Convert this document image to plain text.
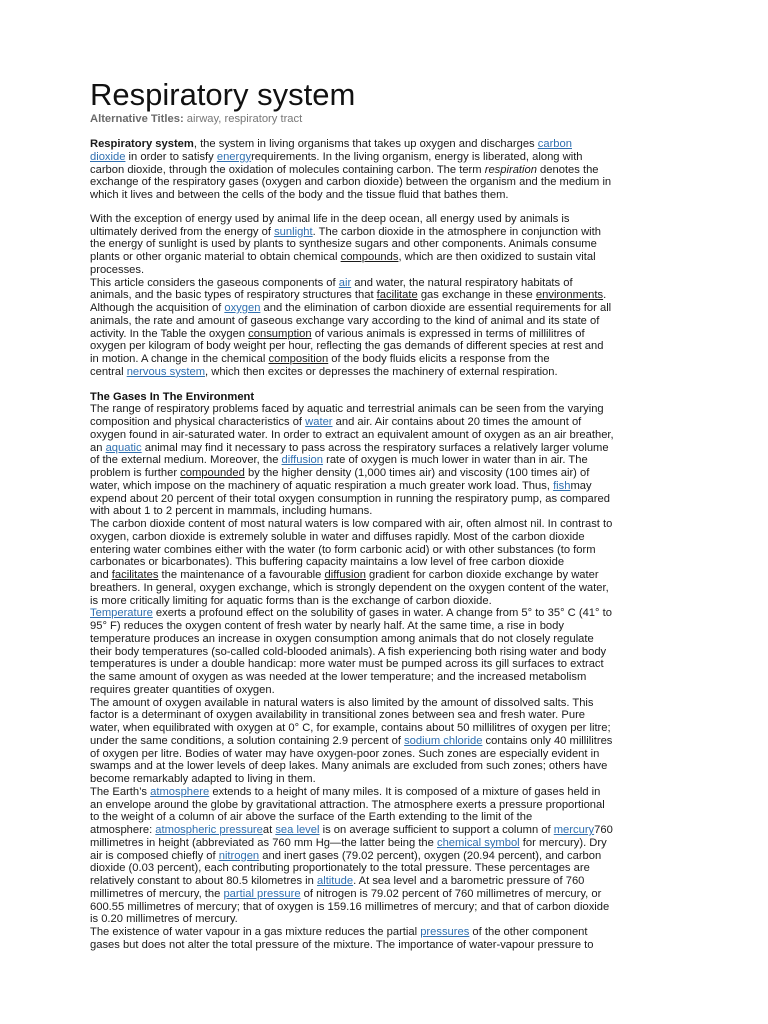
Respiratory system
Alternative Titles: airway, respiratory tract
Respiratory system, the system in living organisms that takes up oxygen and discharges carbon
dioxide in order to satisfy energyrequirements. In the living organism, energy is liberated, along with
carbon dioxide, through the oxidation of molecules containing carbon. The term respiration denotes the
exchange of the respiratory gases (oxygen and carbon dioxide) between the organism and the medium in
which it lives and between the cells of the body and the tissue fluid that bathes them.
With the exception of energy used by animal life in the deep ocean, all energy used by animals is
ultimately derived from the energy of sunlight. The carbon dioxide in the atmosphere in conjunction with
the energy of sunlight is used by plants to synthesize sugars and other components. Animals consume
plants or other organic material to obtain chemical compounds, which are then oxidized to sustain vital
processes.
This article considers the gaseous components of air and water, the natural respiratory habitats of
animals, and the basic types of respiratory structures that facilitate gas exchange in these environments.
Although the acquisition of oxygen and the elimination of carbon dioxide are essential requirements for all
animals, the rate and amount of gaseous exchange vary according to the kind of animal and its state of
activity. In the Table the oxygen consumption of various animals is expressed in terms of millilitres of
oxygen per kilogram of body weight per hour, reflecting the gas demands of different species at rest and
in motion. A change in the chemical composition of the body fluids elicits a response from the
central nervous system, which then excites or depresses the machinery of external respiration.
The Gases In The Environment
The range of respiratory problems faced by aquatic and terrestrial animals can be seen from the varying
composition and physical characteristics of water and air. Air contains about 20 times the amount of
oxygen found in air-saturated water. In order to extract an equivalent amount of oxygen as an air breather,
an aquatic animal may find it necessary to pass across the respiratory surfaces a relatively larger volume
of the external medium. Moreover, the diffusion rate of oxygen is much lower in water than in air. The
problem is further compounded by the higher density (1,000 times air) and viscosity (100 times air) of
water, which impose on the machinery of aquatic respiration a much greater work load. Thus, fishmay
expend about 20 percent of their total oxygen consumption in running the respiratory pump, as compared
with about 1 to 2 percent in mammals, including humans.
The carbon dioxide content of most natural waters is low compared with air, often almost nil. In contrast to
oxygen, carbon dioxide is extremely soluble in water and diffuses rapidly. Most of the carbon dioxide
entering water combines either with the water (to form carbonic acid) or with other substances (to form
carbonates or bicarbonates). This buffering capacity maintains a low level of free carbon dioxide
and facilitates the maintenance of a favourable diffusion gradient for carbon dioxide exchange by water
breathers. In general, oxygen exchange, which is strongly dependent on the oxygen content of the water,
is more critically limiting for aquatic forms than is the exchange of carbon dioxide.
Temperature exerts a profound effect on the solubility of gases in water. A change from 5° to 35° C (41° to
95° F) reduces the oxygen content of fresh water by nearly half. At the same time, a rise in body
temperature produces an increase in oxygen consumption among animals that do not closely regulate
their body temperatures (so-called cold-blooded animals). A fish experiencing both rising water and body
temperatures is under a double handicap: more water must be pumped across its gill surfaces to extract
the same amount of oxygen as was needed at the lower temperature; and the increased metabolism
requires greater quantities of oxygen.
The amount of oxygen available in natural waters is also limited by the amount of dissolved salts. This
factor is a determinant of oxygen availability in transitional zones between sea and fresh water. Pure
water, when equilibrated with oxygen at 0° C, for example, contains about 50 millilitres of oxygen per litre;
under the same conditions, a solution containing 2.9 percent of sodium chloride contains only 40 millilitres
of oxygen per litre. Bodies of water may have oxygen-poor zones. Such zones are especially evident in
swamps and at the lower levels of deep lakes. Many animals are excluded from such zones; others have
become remarkably adapted to living in them.
The Earth’s atmosphere extends to a height of many miles. It is composed of a mixture of gases held in
an envelope around the globe by gravitational attraction. The atmosphere exerts a pressure proportional
to the weight of a column of air above the surface of the Earth extending to the limit of the
atmosphere: atmospheric pressureat sea level is on average sufficient to support a column of mercury760
millimetres in height (abbreviated as 760 mm Hg—the latter being the chemical symbol for mercury). Dry
air is composed chiefly of nitrogen and inert gases (79.02 percent), oxygen (20.94 percent), and carbon
dioxide (0.03 percent), each contributing proportionately to the total pressure. These percentages are
relatively constant to about 80.5 kilometres in altitude. At sea level and a barometric pressure of 760
millimetres of mercury, the partial pressure of nitrogen is 79.02 percent of 760 millimetres of mercury, or
600.55 millimetres of mercury; that of oxygen is 159.16 millimetres of mercury; and that of carbon dioxide
is 0.20 millimetres of mercury.
The existence of water vapour in a gas mixture reduces the partial pressures of the other component
gases but does not alter the total pressure of the mixture. The importance of water-vapour pressure to
